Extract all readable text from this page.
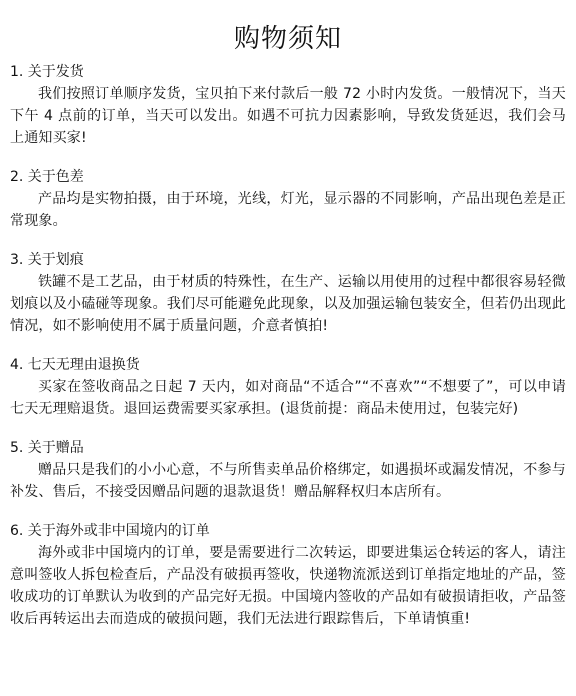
购物须知

1. 关于发货

我们按照订单顺序发货，宝贝拍下来付款后一般 72 小时内发货。一般情况下，当天下午 4 点前的订单，当天可以发出。如遇不可抗力因素影响，导致发货延迟，我们会马上通知买家!

2. 关于色差

产品均是实物拍摄，由于环境，光线，灯光，显示器的不同影响，产品出现色差是正常现象。

3. 关于划痕

铁罐不是工艺品，由于材质的特殊性，在生产、运输以用使用的过程中都很容易轻微划痕以及小磕碰等现象。我们尽可能避免此现象，以及加强运输包装安全，但若仍出现此情况，如不影响使用不属于质量问题，介意者慎拍!

4. 七天无理由退换货

买家在签收商品之日起 7 天内，如对商品“不适合”“不喜欢”“不想要了”，可以申请七天无理赔退货。退回运费需要买家承担。(退货前提：商品未使用过，包装完好)

5. 关于赠品

赠品只是我们的小小心意，不与所售卖单品价格绑定，如遇损坏或漏发情况，不参与补发、售后，不接受因赠品问题的退款退货！赠品解释权归本店所有。

6. 关于海外或非中国境内的订单

海外或非中国境内的订单，要是需要进行二次转运，即要进集运仓转运的客人，请注意叫签收人拆包检查后，产品没有破损再签收，快递物流派送到订单指定地址的产品，签收成功的订单默认为收到的产品完好无损。中国境内签收的产品如有破损请拒收，产品签收后再转运出去而造成的破损问题，我们无法进行跟踪售后，下单请慎重!
